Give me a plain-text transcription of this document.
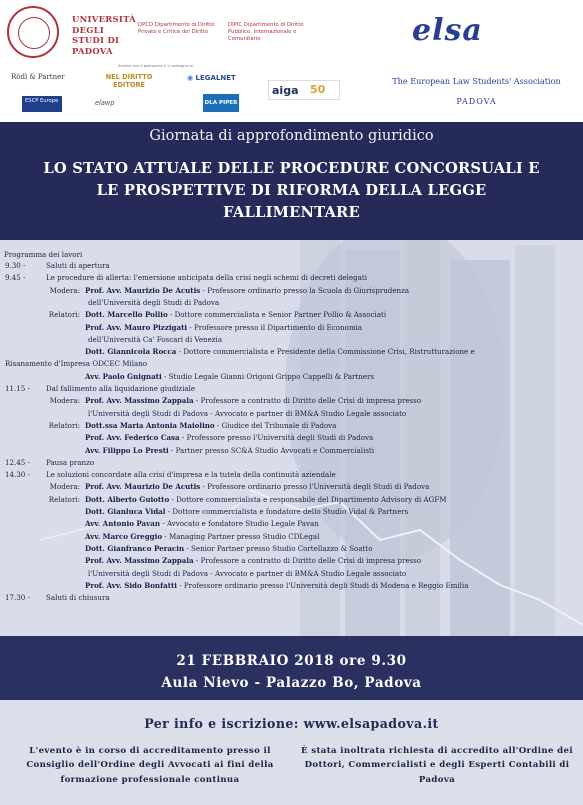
UNIVERSITÀ DEGLI STUDI DI PADOVA
DPCD Dipartimento di Diritto Privato e Critica del Diritto
DIPIC Dipartimento di Diritto Pubblico, Internazionale e Comunitario
Evento con il patrocinio e il sostegno di
Rödl & Partner	NEL DIRITTO EDITORE
◉ LEGALNET
aiga 50
ESCP Europe	elawp	DLA PIPER
elsa
The European Law Students' Association
PADOVA
Giornata di approfondimento giuridico
LO STATO ATTUALE DELLE PROCEDURE CONCORSUALI E
LE PROSPETTIVE DI RIFORMA DELLA LEGGE
FALLIMENTARE
Programma dei lavori
9.30 -	Saluti di apertura
9.45 -	Le procedure di allerta: l'emersione anticipata della crisi negli schemi di decreti delegati
Modera: Prof. Avv. Maurizio De Acutis - Professore ordinario presso la Scuola di Giurisprudenza
dell'Università degli Studi di Padova
Relatori: Dott. Marcello Pollio - Dottore commercialista e Senior Partner Pollio & Associati
Prof. Avv. Mauro Pizzigati - Professore presso il Dipartimento di Economia
dell'Università Ca' Foscari di Venezia
Dott. Giannicola Rocca - Dottore commercialista e Presidente della Commissione Crisi, Ristrutturazione e
Risanamento d'Impresa ODCEC Milano
Avv. Paolo Gnignati - Studio Legale Gianni Origoni Grippo Cappelli & Partners
11.15 - Dal fallimento alla liquidazione giudiziale
Modera: Prof. Avv. Massimo Zappala - Professore a contratto di Diritto delle Crisi di impresa presso
l'Università degli Studi di Padova - Avvocato e partner di BM&A Studio Legale associato
Relatori: Dott.ssa Maria Antonia Maiolino - Giudice del Tribunale di Padova
Prof. Avv. Federico Casa - Professore presso l'Università degli Studi di Padova
Avv. Filippo Lo Presti - Partner presso SC&A Studio Avvocati e Commercialisti
12.45 - Pausa pranzo
14.30 - Le soluzioni concordate alla crisi d'impresa e la tutela della continuità aziendale
Modera: Prof. Avv. Maurizio De Acutis - Professore ordinario presso l'Università degli Studi di Padova
Relatori: Dott. Alberto Guiotto - Dottore commercialista e responsabile del Dipartimento Advisory di AGFM
Dott. Gianluca Vidal - Dottore commercialista e fondatore dello Studio Vidal & Partners
Avv. Antonio Pavan - Avvocato e fondatore Studio Legale Pavan
Avv. Marco Greggio - Managing Partner presso Studio CDLegal
Dott. Gianfranco Peracin - Senior Partner presso Studio Cortellazzo & Soatto
Prof. Avv. Massimo Zappala - Professore a contratto di Diritto delle Crisi di impresa presso
l'Università degli Studi di Padova - Avvocato e partner di BM&A Studio Legale associato
Prof. Avv. Sido Bonfatti - Professore ordinario presso l'Università degli Studi di Modena e Reggio Emilia
17.30 - Saluti di chiusura
21 FEBBRAIO 2018 ore 9.30
Aula Nievo - Palazzo Bo, Padova
Per info e iscrizione: www.elsapadova.it
L'evento è in corso di accreditamento presso il Consiglio dell'Ordine degli Avvocati ai fini della formazione professionale continua
È stata inoltrata richiesta di accredito all'Ordine dei Dottori, Commercialisti e degli Esperti Contabili di Padova
